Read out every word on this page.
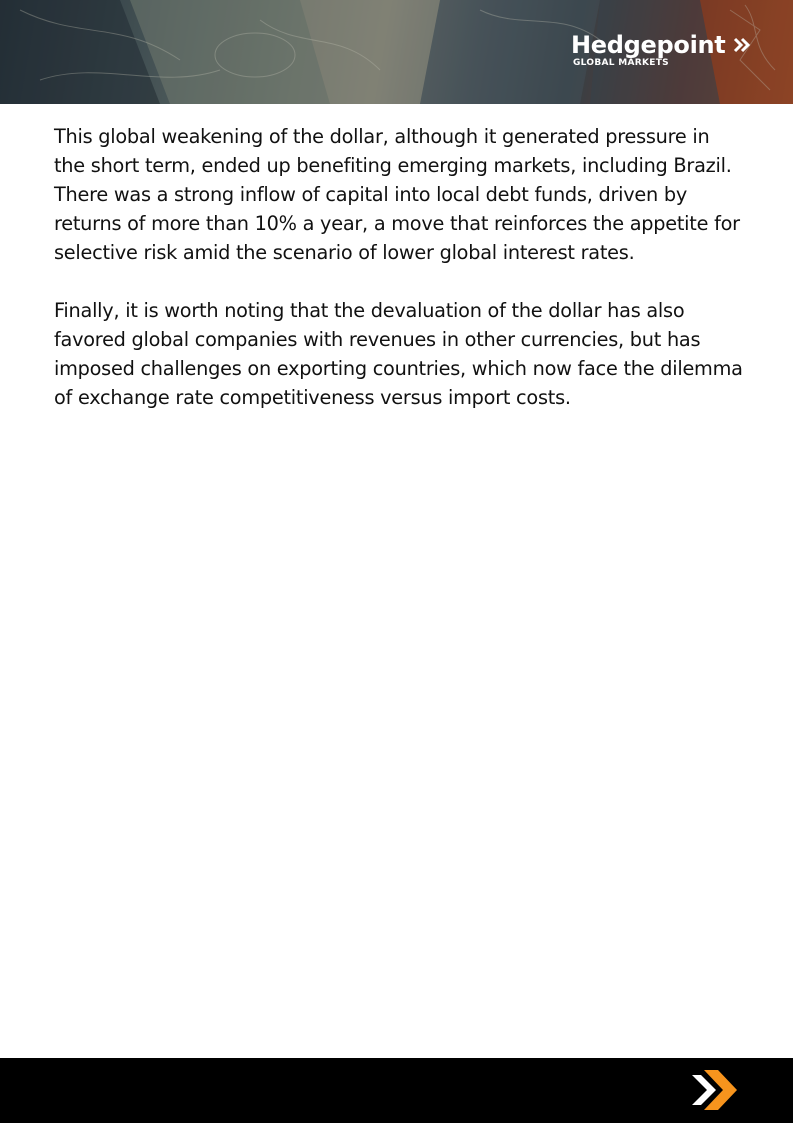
Hedgepoint
GLOBAL MARKETS

This global weakening of the dollar, although it generated pressure in the short term, ended up benefiting emerging markets, including Brazil. There was a strong inflow of capital into local debt funds, driven by returns of more than 10% a year, a move that reinforces the appetite for selective risk amid the scenario of lower global interest rates.

Finally, it is worth noting that the devaluation of the dollar has also favored global companies with revenues in other currencies, but has imposed challenges on exporting countries, which now face the dilemma of exchange rate competitiveness versus import costs.
